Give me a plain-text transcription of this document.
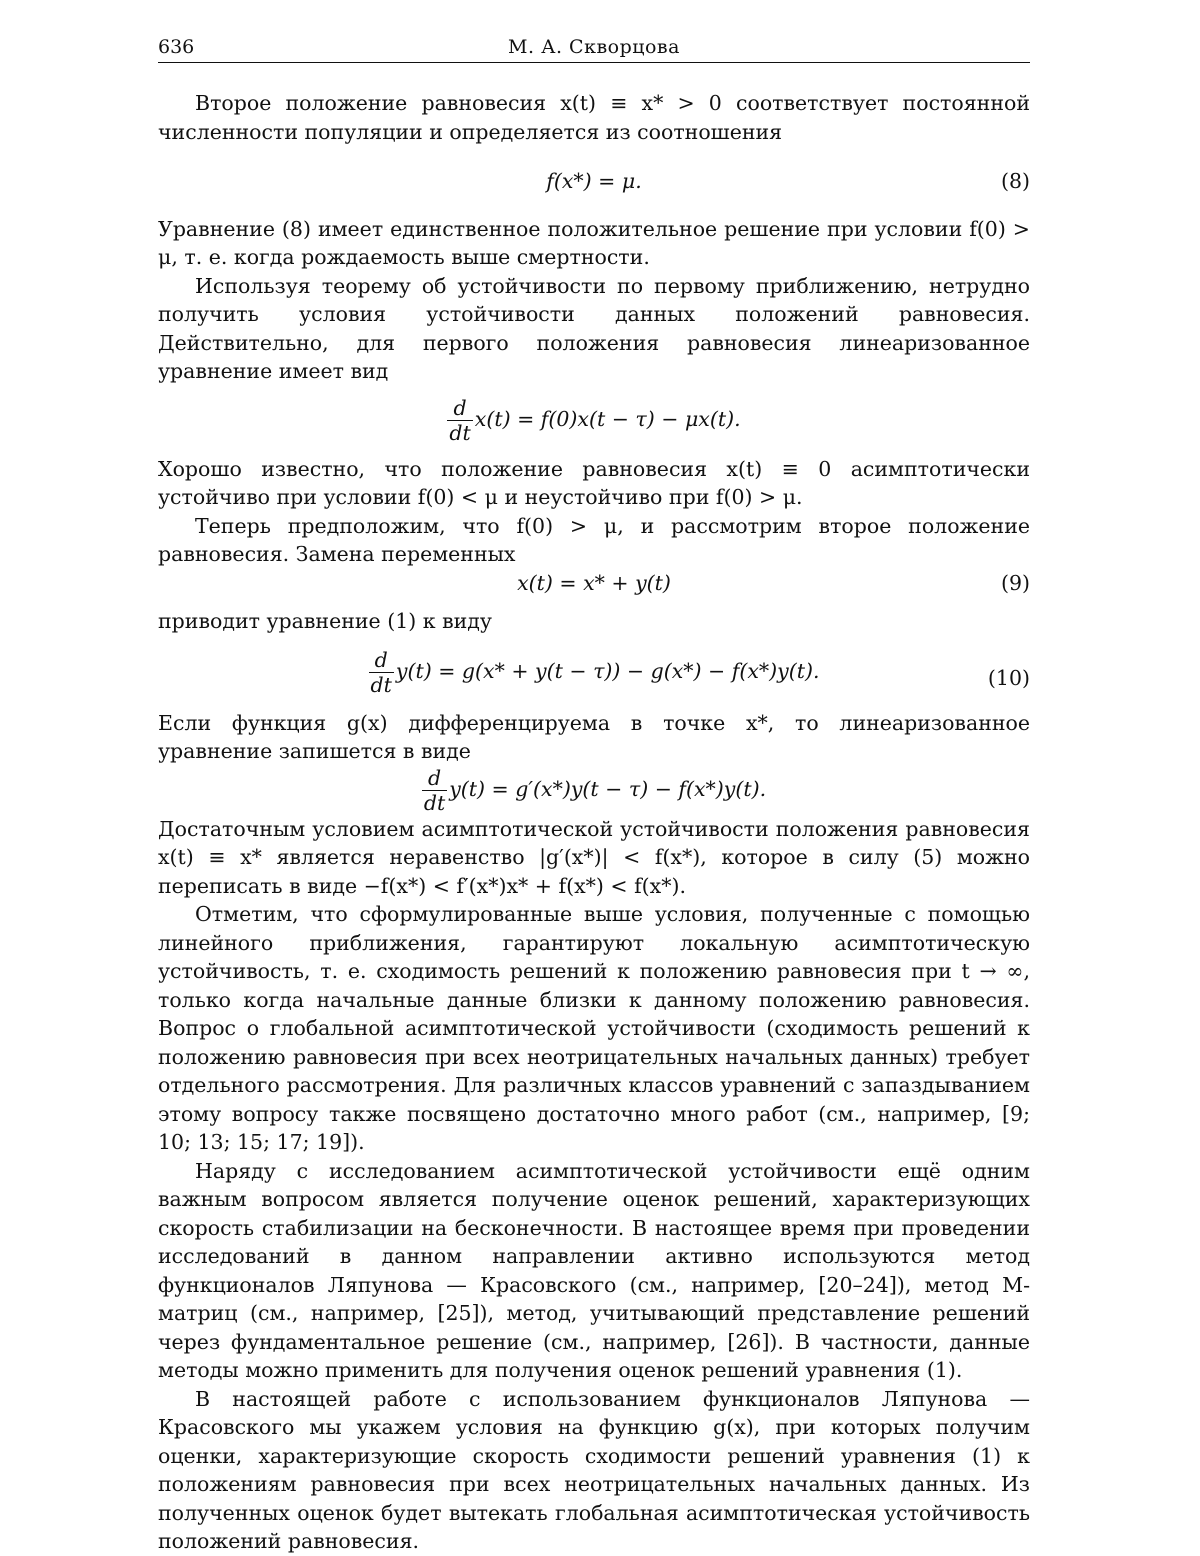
636	М. А. Скворцова

Второе положение равновесия x(t) ≡ x* > 0 соответствует постоянной численности популяции и определяется из соотношения

f(x*) = μ.	(8)

Уравнение (8) имеет единственное положительное решение при условии f(0) > μ, т. е. когда рождаемость выше смертности.

Используя теорему об устойчивости по первому приближению, нетрудно получить условия устойчивости данных положений равновесия. Действительно, для первого положения равновесия линеаризованное уравнение имеет вид

$\frac{d}{dt} x(t) = f(0)x(t - \tau) - \mu x(t)$.

Хорошо известно, что положение равновесия x(t) ≡ 0 асимптотически устойчиво при условии f(0) < μ и неустойчиво при f(0) > μ.

Теперь предположим, что f(0) > μ, и рассмотрим второе положение равновесия. Замена переменных

x(t) = x* + y(t)	(9)

приводит уравнение (1) к виду

$\frac{d}{dt} y(t) = g(x* + y(t - \tau)) - g(x*) - f(x*)y(t)$.	(10)

Если функция g(x) дифференцируема в точке x*, то линеаризованное уравнение запишется в виде

$\frac{d}{dt} y(t) = g'(x*)y(t - \tau) - f(x*)y(t)$.

Достаточным условием асимптотической устойчивости положения равновесия x(t) ≡ x* является неравенство |g′(x*)| < f(x*), которое в силу (5) можно переписать в виде −f(x*) < f′(x*)x* + f(x*) < f(x*).

Отметим, что сформулированные выше условия, полученные с помощью линейного приближения, гарантируют локальную асимптотическую устойчивость, т. е. сходимость решений к положению равновесия при t → ∞, только когда начальные данные близки к данному положению равновесия. Вопрос о глобальной асимптотической устойчивости (сходимость решений к положению равновесия при всех неотрицательных начальных данных) требует отдельного рассмотрения. Для различных классов уравнений с запаздыванием этому вопросу также посвящено достаточно много работ (см., например, [9; 10; 13; 15; 17; 19]).

Наряду с исследованием асимптотической устойчивости ещё одним важным вопросом является получение оценок решений, характеризующих скорость стабилизации на бесконечности. В настоящее время при проведении исследований в данном направлении активно используются метод функционалов Ляпунова — Красовского (см., например, [20–24]), метод M-матриц (см., например, [25]), метод, учитывающий представление решений через фундаментальное решение (см., например, [26]). В частности, данные методы можно применить для получения оценок решений уравнения (1).

В настоящей работе с использованием функционалов Ляпунова — Красовского мы укажем условия на функцию g(x), при которых получим оценки, характеризующие скорость сходимости решений уравнения (1) к положениям равновесия при всех неотрицательных начальных данных. Из полученных оценок будет вытекать глобальная асимптотическая устойчивость положений равновесия.
